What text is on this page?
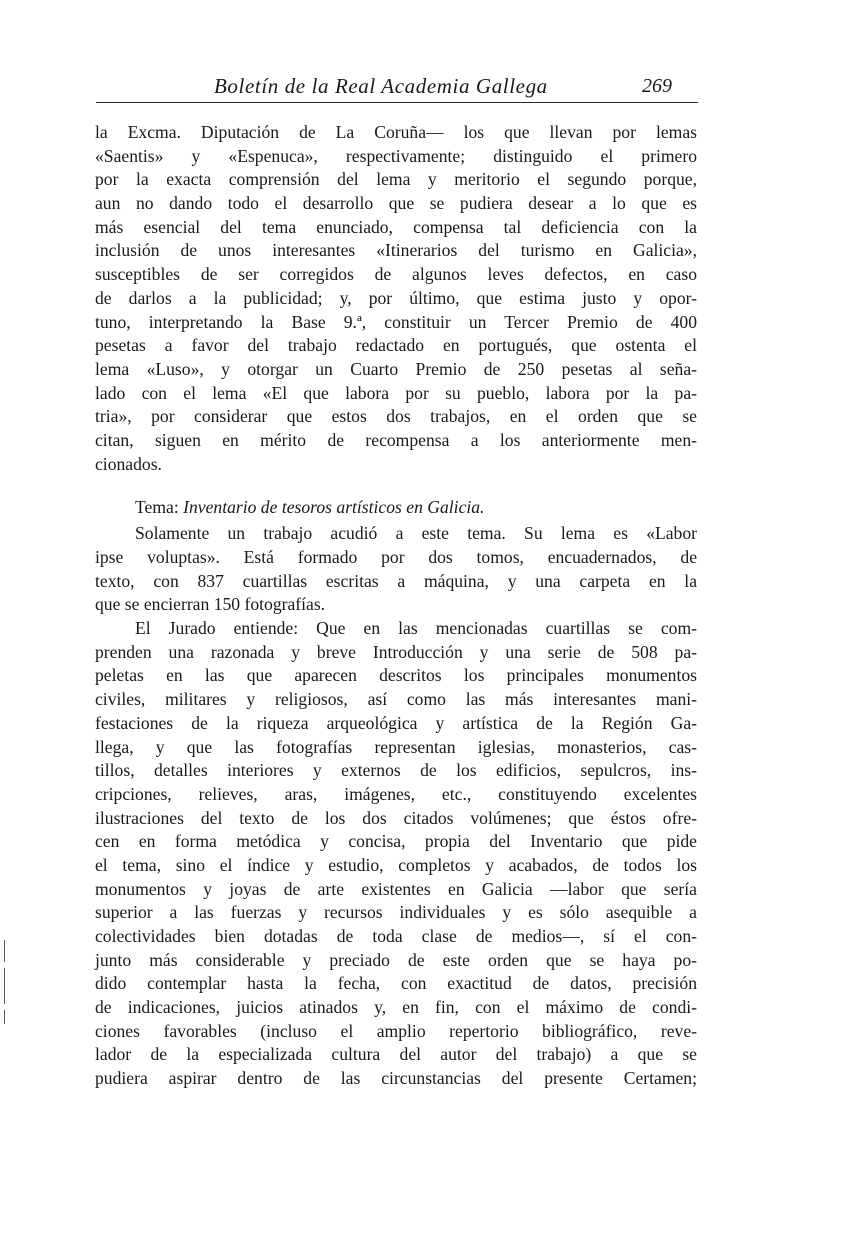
Boletín de la Real Academia Gallega	269
la Excma. Diputación de La Coruña— los que llevan por lemas
«Saentis» y «Espenuca», respectivamente; distinguido el primero
por la exacta comprensión del lema y meritorio el segundo porque,
aun no dando todo el desarrollo que se pudiera desear a lo que es
más esencial del tema enunciado, compensa tal deficiencia con la
inclusión de unos interesantes «Itinerarios del turismo en Galicia»,
susceptibles de ser corregidos de algunos leves defectos, en caso
de darlos a la publicidad; y, por último, que estima justo y opor-
tuno, interpretando la Base 9.ª, constituir un Tercer Premio de 400
pesetas a favor del trabajo redactado en portugués, que ostenta el
lema «Luso», y otorgar un Cuarto Premio de 250 pesetas al seña-
lado con el lema «El que labora por su pueblo, labora por la pa-
tria», por considerar que estos dos trabajos, en el orden que se
citan, siguen en mérito de recompensa a los anteriormente men-
cionados.
Tema: Inventario de tesoros artísticos en Galicia.
Solamente un trabajo acudió a este tema. Su lema es «Labor
ipse voluptas». Está formado por dos tomos, encuadernados, de
texto, con 837 cuartillas escritas a máquina, y una carpeta en la
que se encierran 150 fotografías.
El Jurado entiende: Que en las mencionadas cuartillas se com-
prenden una razonada y breve Introducción y una serie de 508 pa-
peletas en las que aparecen descritos los principales monumentos
civiles, militares y religiosos, así como las más interesantes mani-
festaciones de la riqueza arqueológica y artística de la Región Ga-
llega, y que las fotografías representan iglesias, monasterios, cas-
tillos, detalles interiores y externos de los edificios, sepulcros, ins-
cripciones, relieves, aras, imágenes, etc., constituyendo excelentes
ilustraciones del texto de los dos citados volúmenes; que éstos ofre-
cen en forma metódica y concisa, propia del Inventario que pide
el tema, sino el índice y estudio, completos y acabados, de todos los
monumentos y joyas de arte existentes en Galicia —labor que sería
superior a las fuerzas y recursos individuales y es sólo asequible a
colectividades bien dotadas de toda clase de medios—, sí el con-
junto más considerable y preciado de este orden que se haya po-
dido contemplar hasta la fecha, con exactitud de datos, precisión
de indicaciones, juicios atinados y, en fin, con el máximo de condi-
ciones favorables (incluso el amplio repertorio bibliográfico, reve-
lador de la especializada cultura del autor del trabajo) a que se
pudiera aspirar dentro de las circunstancias del presente Certamen;
